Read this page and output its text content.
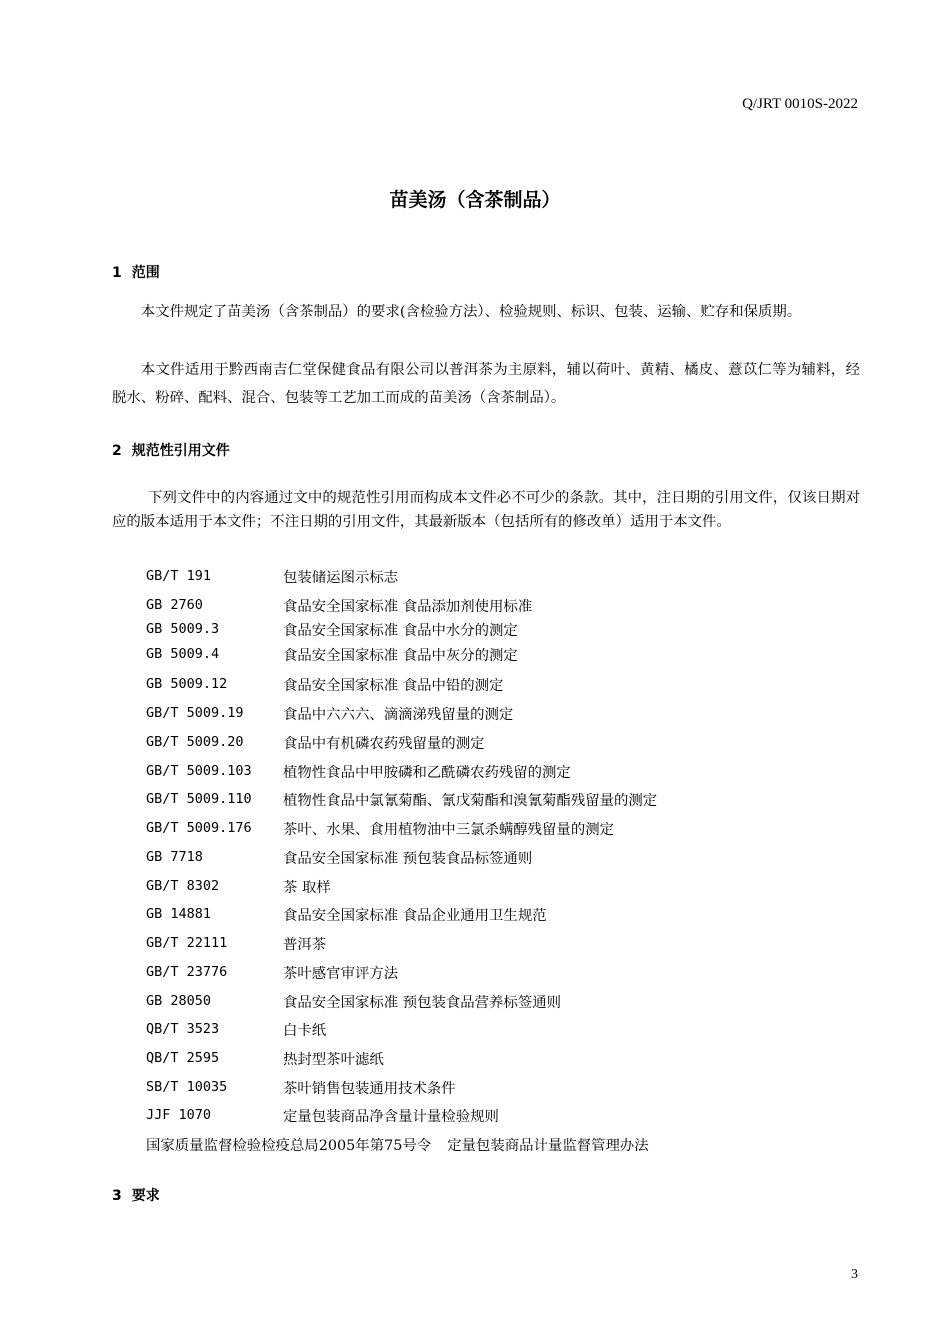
Q/JRT 0010S-2022
苗美汤（含茶制品）
1 范围
本文件规定了苗美汤（含茶制品）的要求(含检验方法）、检验规则、标识、包装、运输、贮存和保质期。
本文件适用于黔西南吉仁堂保健食品有限公司以普洱茶为主原料，辅以荷叶、黄精、橘皮、薏苡仁等为辅料，经脱水、粉碎、配料、混合、包装等工艺加工而成的苗美汤（含茶制品）。
2 规范性引用文件
下列文件中的内容通过文中的规范性引用而构成本文件必不可少的条款。其中，注日期的引用文件，仅该日期对应的版本适用于本文件；不注日期的引用文件，其最新版本（包括所有的修改单）适用于本文件。
GB/T 191	包装储运图示标志
GB 2760	食品安全国家标准 食品添加剂使用标准
GB 5009.3	食品安全国家标准 食品中水分的测定
GB 5009.4	食品安全国家标准 食品中灰分的测定
GB 5009.12	食品安全国家标准 食品中铅的测定
GB/T 5009.19	食品中六六六、滴滴涕残留量的测定
GB/T 5009.20	食品中有机磷农药残留量的测定
GB/T 5009.103 植物性食品中甲胺磷和乙酰磷农药残留的测定
GB/T 5009.110 植物性食品中氯氰菊酯、氰戊菊酯和溴氰菊酯残留量的测定
GB/T 5009.176 茶叶、水果、食用植物油中三氯杀螨醇残留量的测定
GB 7718	食品安全国家标准 预包装食品标签通则
GB/T 8302	茶 取样
GB 14881	食品安全国家标准 食品企业通用卫生规范
GB/T 22111	普洱茶
GB/T 23776	茶叶感官审评方法
GB 28050	食品安全国家标准 预包装食品营养标签通则
QB/T 3523	白卡纸
QB/T 2595	热封型茶叶滤纸
SB/T 10035	茶叶销售包装通用技术条件
JJF 1070	定量包装商品净含量计量检验规则
国家质量监督检验检疫总局2005年第75号令 定量包装商品计量监督管理办法
3 要求
3
